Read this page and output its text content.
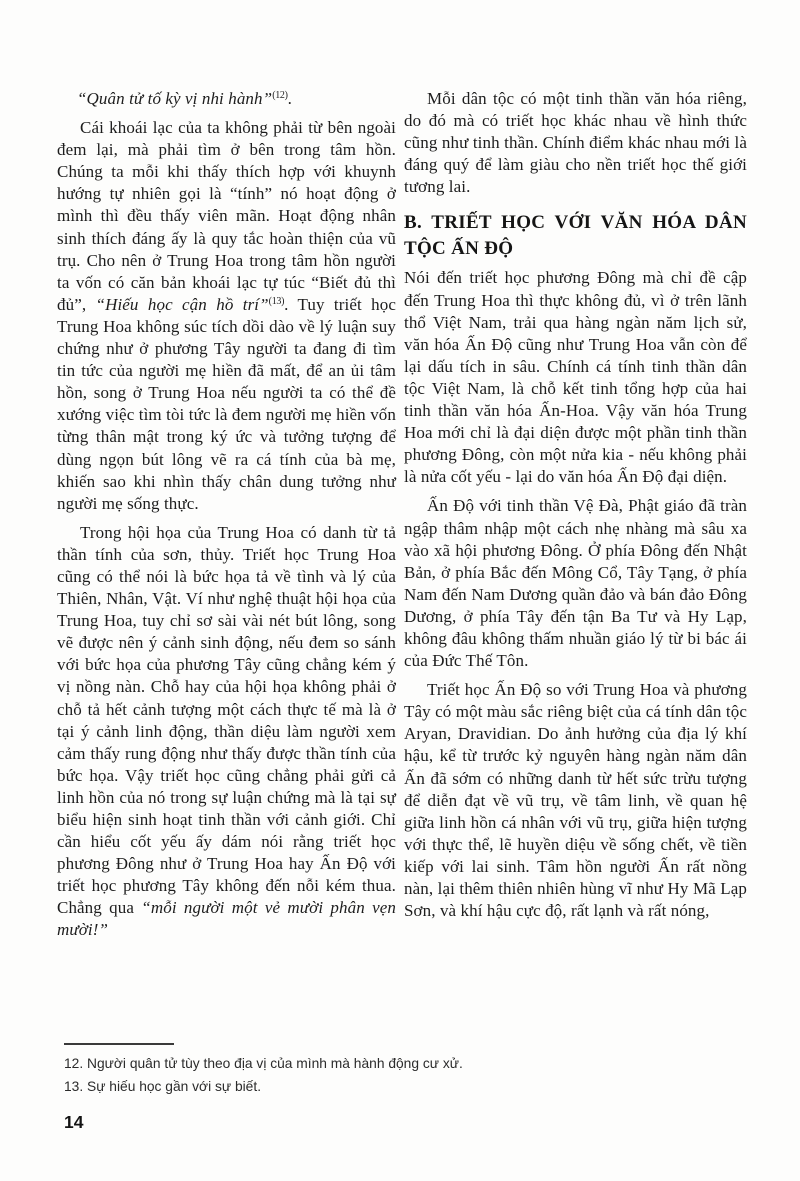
“Quân tử tố kỳ vị nhi hành”$^{(12)}$.

Cái khoái lạc của ta không phải từ bên ngoài đem lại, mà phải tìm ở bên trong tâm hồn. Chúng ta mỗi khi thấy thích hợp với khuynh hướng tự nhiên gọi là “tính” nó hoạt động ở mình thì đều thấy viên mãn. Hoạt động nhân sinh thích đáng ấy là quy tắc hoàn thiện của vũ trụ. Cho nên ở Trung Hoa trong tâm hồn người ta vốn có căn bản khoái lạc tự túc “Biết đủ thì đủ”, “Hiếu học cận hồ trí”$^{(13)}$. Tuy triết học Trung Hoa không súc tích dồi dào về lý luận suy chứng như ở phương Tây người ta đang đi tìm tin tức của người mẹ hiền đã mất, để an ủi tâm hồn, song ở Trung Hoa nếu người ta có thể đề xướng việc tìm tòi tức là đem người mẹ hiền vốn từng thân mật trong ký ức và tưởng tượng để dùng ngọn bút lông vẽ ra cá tính của bà mẹ, khiến sao khi nhìn thấy chân dung tưởng như người mẹ sống thực.

Trong hội họa của Trung Hoa có danh từ tả thần tính của sơn, thủy. Triết học Trung Hoa cũng có thể nói là bức họa tả về tình và lý của Thiên, Nhân, Vật. Ví như nghệ thuật hội họa của Trung Hoa, tuy chỉ sơ sài vài nét bút lông, song vẽ được nên ý cảnh sinh động, nếu đem so sánh với bức họa của phương Tây cũng chẳng kém ý vị nồng nàn. Chỗ hay của hội họa không phải ở chỗ tả hết cảnh tượng một cách thực tế mà là ở tại ý cảnh linh động, thần diệu làm người xem cảm thấy rung động như thấy được thần tính của bức họa. Vậy triết học cũng chẳng phải gửi cả linh hồn của nó trong sự luận chứng mà là tại sự biểu hiện sinh hoạt tinh thần với cảnh giới. Chỉ cần hiểu cốt yếu ấy dám nói rằng triết học phương Đông như ở Trung Hoa hay Ấn Độ với triết học phương Tây không đến nỗi kém thua. Chẳng qua “mỗi người một vẻ mười phân vẹn mười!”

Mỗi dân tộc có một tinh thần văn hóa riêng, do đó mà có triết học khác nhau về hình thức cũng như tinh thần. Chính điểm khác nhau mới là đáng quý để làm giàu cho nền triết học thế giới tương lai.

B. TRIẾT HỌC VỚI VĂN HÓA DÂN TỘC ẤN ĐỘ

Nói đến triết học phương Đông mà chỉ đề cập đến Trung Hoa thì thực không đủ, vì ở trên lãnh thổ Việt Nam, trải qua hàng ngàn năm lịch sử, văn hóa Ấn Độ cũng như Trung Hoa vẫn còn để lại dấu tích in sâu. Chính cá tính tinh thần dân tộc Việt Nam, là chỗ kết tinh tổng hợp của hai tinh thần văn hóa Ấn-Hoa. Vậy văn hóa Trung Hoa mới chỉ là đại diện được một phần tinh thần phương Đông, còn một nửa kia - nếu không phải là nửa cốt yếu - lại do văn hóa Ấn Độ đại diện.

Ấn Độ với tinh thần Vệ Đà, Phật giáo đã tràn ngập thâm nhập một cách nhẹ nhàng mà sâu xa vào xã hội phương Đông. Ở phía Đông đến Nhật Bản, ở phía Bắc đến Mông Cổ, Tây Tạng, ở phía Nam đến Nam Dương quần đảo và bán đảo Đông Dương, ở phía Tây đến tận Ba Tư và Hy Lạp, không đâu không thấm nhuần giáo lý từ bi bác ái của Đức Thế Tôn.

Triết học Ấn Độ so với Trung Hoa và phương Tây có một màu sắc riêng biệt của cá tính dân tộc Aryan, Dravidian. Do ảnh hưởng của địa lý khí hậu, kể từ trước kỷ nguyên hàng ngàn năm dân Ấn đã sớm có những danh từ hết sức trừu tượng để diễn đạt về vũ trụ, về tâm linh, về quan hệ giữa linh hồn cá nhân với vũ trụ, giữa hiện tượng với thực thể, lẽ huyền diệu về sống chết, về tiền kiếp với lai sinh. Tâm hồn người Ấn rất nồng nàn, lại thêm thiên nhiên hùng vĩ như Hy Mã Lạp Sơn, và khí hậu cực độ, rất lạnh và rất nóng,

12. Người quân tử tùy theo địa vị của mình mà hành động cư xử.

13. Sự hiếu học gần với sự biết.

14
